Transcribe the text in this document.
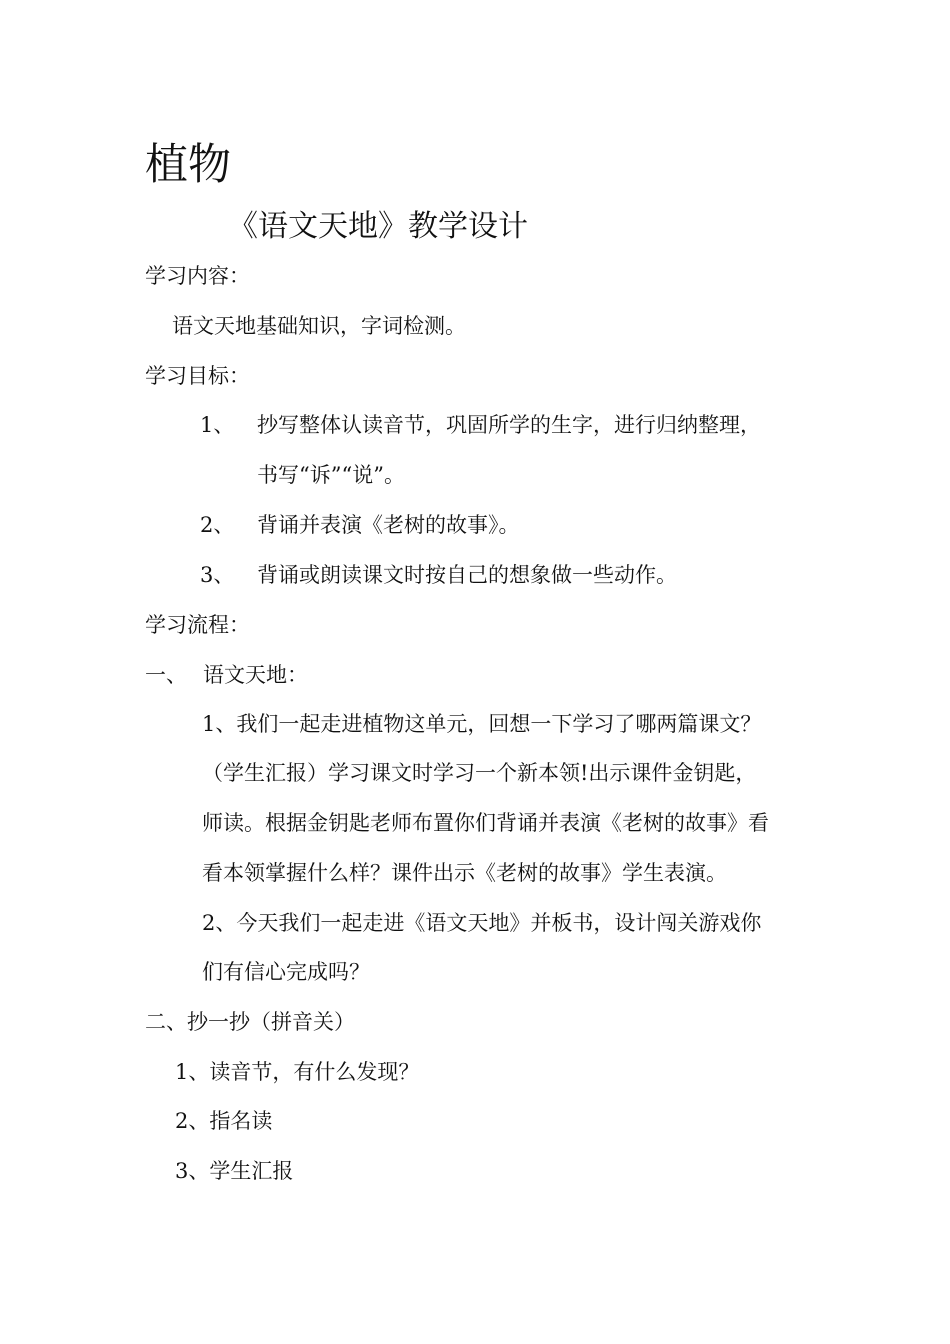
植物
《语文天地》教学设计
学习内容：
语文天地基础知识，字词检测。
学习目标：
1、 抄写整体认读音节，巩固所学的生字，进行归纳整理，
书写“诉”“说”。
2、 背诵并表演《老树的故事》。
3、 背诵或朗读课文时按自己的想象做一些动作。
学习流程：
一、 语文天地：
1、我们一起走进植物这单元，回想一下学习了哪两篇课文？
（学生汇报）学习课文时学习一个新本领!出示课件金钥匙，
师读。根据金钥匙老师布置你们背诵并表演《老树的故事》看
看本领掌握什么样？课件出示《老树的故事》学生表演。
2、今天我们一起走进《语文天地》并板书，设计闯关游戏你
们有信心完成吗？
二、抄一抄（拼音关）
1、读音节，有什么发现？
2、指名读
3、学生汇报
